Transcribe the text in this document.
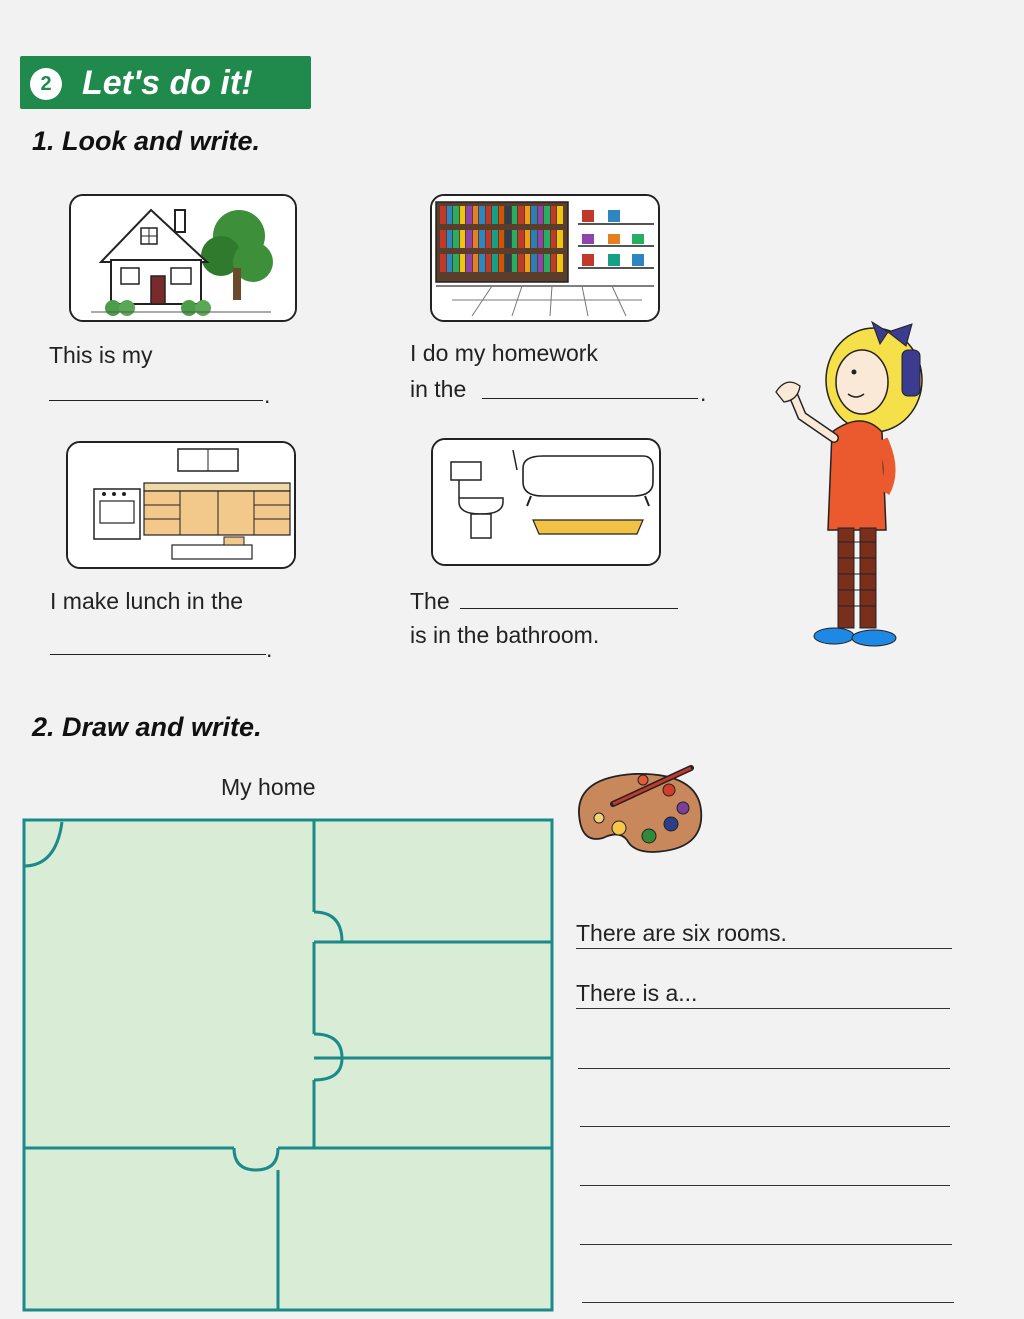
2 Let's do it!
1. Look and write.
This is my
.
I do my homework
in the	.
I make lunch in the
.
The
is in the bathroom.
2. Draw and write.
My home
There are six rooms.
There is a...
